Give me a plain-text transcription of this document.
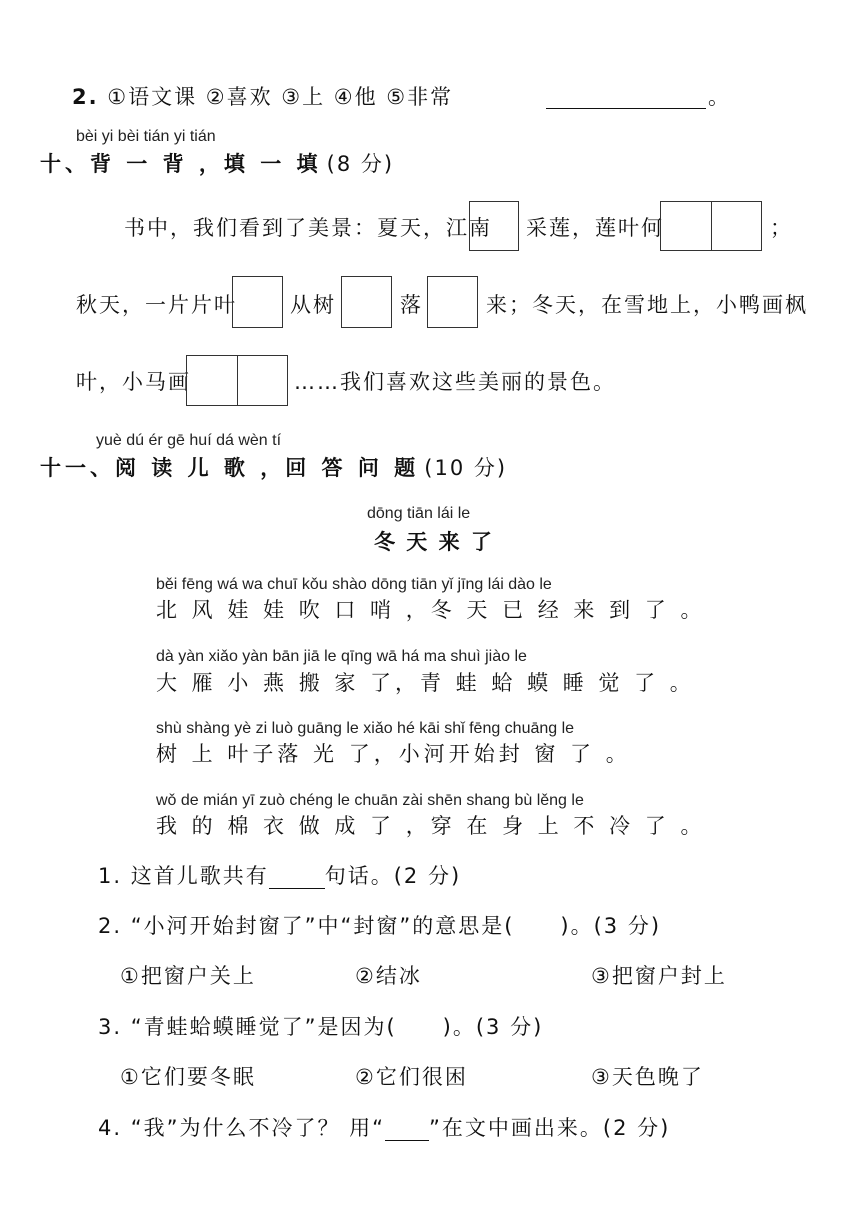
2. ①语文课 ②喜欢 ③上 ④他 ⑤非常	。
bèi yi bèi tián yi tián
十、背 一 背 ，填 一 填 (8 分)
书中，我们看到了美景：夏天，江南 采莲，莲叶何	；
秋天，一片片叶	从树	落	来；冬天，在雪地上，小鸭画枫
叶，小马画	……我们喜欢这些美丽的景色。
yuè dú ér gē huí dá wèn tí
十一、阅 读 儿 歌 ，回 答 问 题 (10 分)
dōng tiān lái le
冬 天 来 了
běi fēng wá wa chuī kǒu shào dōng tiān yǐ jīng lái dào le
北 风 娃 娃 吹 口 哨 ，冬 天 已 经 来 到 了 。
dà yàn xiǎo yàn bān jiā le qīng wā há ma shuì jiào le
大 雁 小 燕 搬 家 了，青 蛙 蛤 蟆 睡 觉 了 。
shù shàng yè zi luò guāng le xiǎo hé kāi shǐ fēng chuāng le
树 上 叶子落 光 了，小河开始封 窗 了 。
wǒ de mián yī zuò chéng le chuān zài shēn shang bù lěng le
我 的 棉 衣 做 成 了 ，穿 在 身 上 不 冷 了 。
1. 这首儿歌共有	句话。(2 分)
2. “小河开始封窗了”中“封窗”的意思是( )。(3 分)
①把窗户关上	②结冰	③把窗户封上
3. “青蛙蛤蟆睡觉了”是因为( )。(3 分)
①它们要冬眠	②它们很困	③天色晚了
4. “我”为什么不冷了？ 用“ ”在文中画出来。(2 分)
